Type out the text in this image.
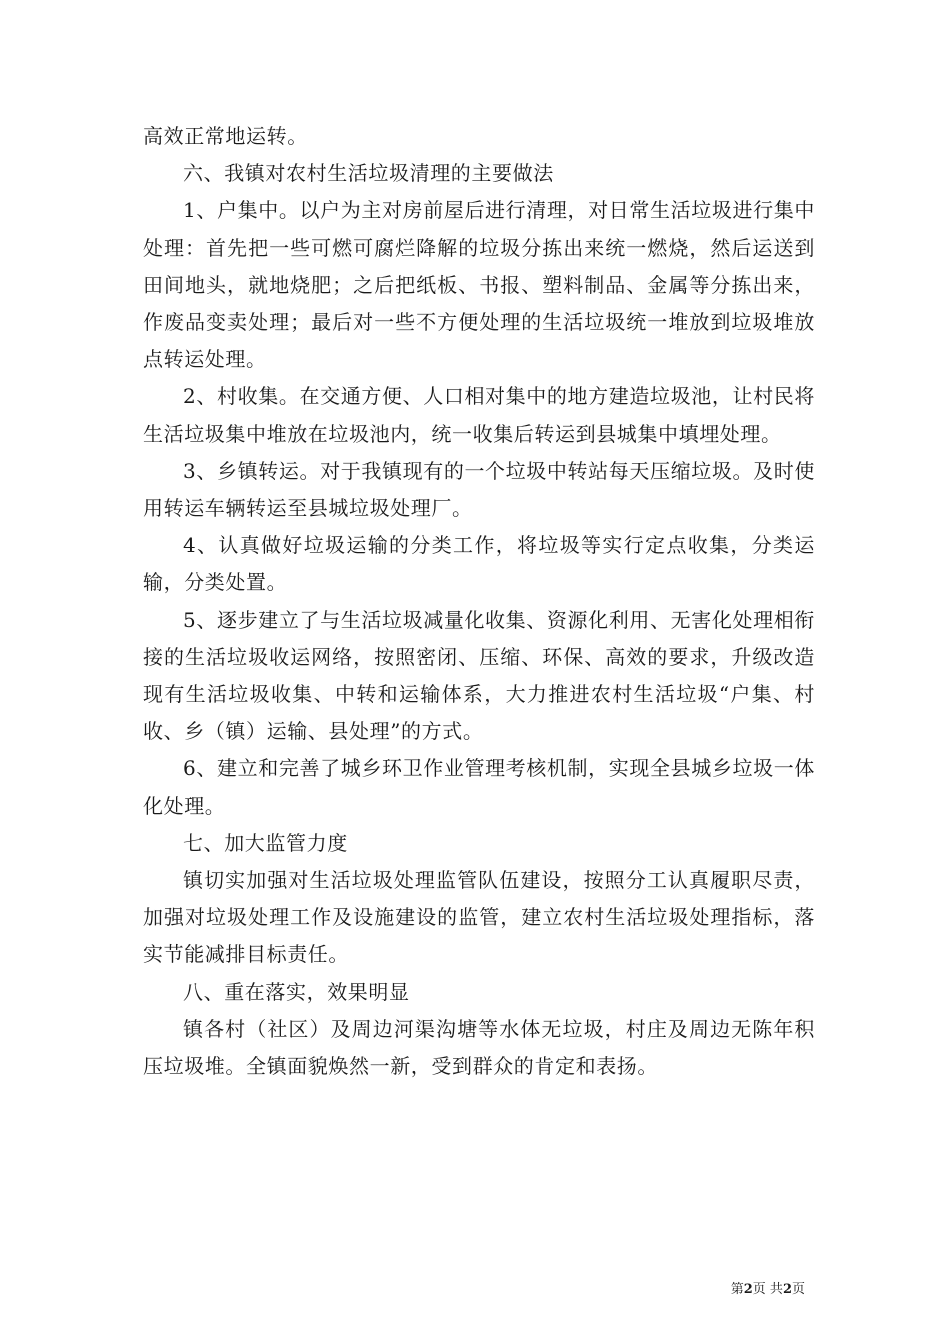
高效正常地运转。

六、我镇对农村生活垃圾清理的主要做法

1、户集中。以户为主对房前屋后进行清理，对日常生活垃圾进行集中处理：首先把一些可燃可腐烂降解的垃圾分拣出来统一燃烧，然后运送到田间地头，就地烧肥；之后把纸板、书报、塑料制品、金属等分拣出来，作废品变卖处理；最后对一些不方便处理的生活垃圾统一堆放到垃圾堆放点转运处理。

2、村收集。在交通方便、人口相对集中的地方建造垃圾池，让村民将生活垃圾集中堆放在垃圾池内，统一收集后转运到县城集中填埋处理。

3、乡镇转运。对于我镇现有的一个垃圾中转站每天压缩垃圾。及时使用转运车辆转运至县城垃圾处理厂。

4、认真做好垃圾运输的分类工作，将垃圾等实行定点收集，分类运输，分类处置。

5、逐步建立了与生活垃圾减量化收集、资源化利用、无害化处理相衔接的生活垃圾收运网络，按照密闭、压缩、环保、高效的要求，升级改造现有生活垃圾收集、中转和运输体系，大力推进农村生活垃圾“户集、村收、乡（镇）运输、县处理”的方式。

6、建立和完善了城乡环卫作业管理考核机制，实现全县城乡垃圾一体化处理。

七、加大监管力度

镇切实加强对生活垃圾处理监管队伍建设，按照分工认真履职尽责，加强对垃圾处理工作及设施建设的监管，建立农村生活垃圾处理指标，落实节能减排目标责任。

八、重在落实，效果明显

镇各村（社区）及周边河渠沟塘等水体无垃圾，村庄及周边无陈年积压垃圾堆。全镇面貌焕然一新，受到群众的肯定和表扬。

第2页 共2页
